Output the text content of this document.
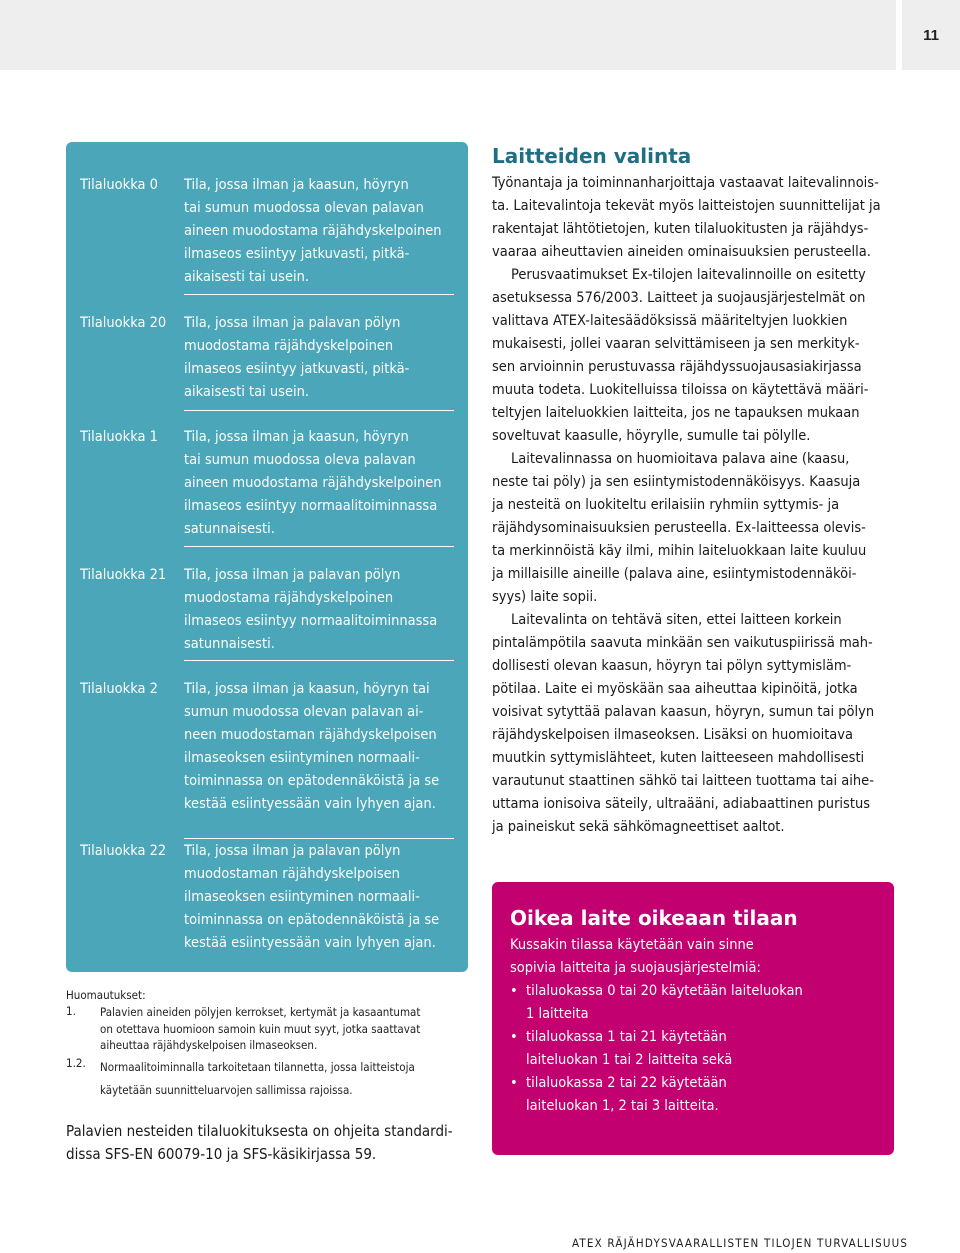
11
Tilaluokka 0	Tila, jossa ilman ja kaasun, höyryn
tai sumun muodossa olevan palavan
aineen muodostama räjähdyskelpoinen
ilmaseos esiintyy jatkuvasti, pitkä-
aikaisesti tai usein.
Tilaluokka 20	Tila, jossa ilman ja palavan pölyn
muodostama räjähdyskelpoinen
ilmaseos esiintyy jatkuvasti, pitkä-
aikaisesti tai usein.
Tilaluokka 1	Tila, jossa ilman ja kaasun, höyryn
tai sumun muodossa oleva palavan
aineen muodostama räjähdyskelpoinen
ilmaseos esiintyy normaalitoiminnassa
satunnaisesti.
Tilaluokka 21	Tila, jossa ilman ja palavan pölyn
muodostama räjähdyskelpoinen
ilmaseos esiintyy normaalitoiminnassa
satunnaisesti.
Tilaluokka 2	Tila, jossa ilman ja kaasun, höyryn tai
sumun muodossa olevan palavan ai-
neen muodostaman räjähdyskelpoisen
ilmaseoksen esiintyminen normaali-
toiminnassa on epätodennäköistä ja se
kestää esiintyessään vain lyhyen ajan.
Tilaluokka 22	Tila, jossa ilman ja palavan pölyn
muodostaman räjähdyskelpoisen
ilmaseoksen esiintyminen normaali-
toiminnassa on epätodennäköistä ja se
kestää esiintyessään vain lyhyen ajan.
Huomautukset:
1. Palavien aineiden pölyjen kerrokset, kertymät ja kasaantumat
on otettava huomioon samoin kuin muut syyt, jotka saattavat
aiheuttaa räjähdyskelpoisen ilmaseoksen.
1.2. Normaalitoiminnalla tarkoitetaan tilannetta, jossa laitteistoja
käytetään suunnitteluarvojen sallimissa rajoissa.
Palavien nesteiden tilaluokituksesta on ohjeita standardi-
dissa SFS-EN 60079-10 ja SFS-käsikirjassa 59.
Laitteiden valinta
Työnantaja ja toiminnanharjoittaja vastaavat laitevalinnois-
ta. Laitevalintoja tekevät myös laitteistojen suunnittelijat ja
rakentajat lähtötietojen, kuten tilaluokitusten ja räjähdys-
vaaraa aiheuttavien aineiden ominaisuuksien perusteella.
Perusvaatimukset Ex-tilojen laitevalinnoille on esitetty
asetuksessa 576/2003. Laitteet ja suojausjärjestelmät on
valittava ATEX-laitesäädöksissä määriteltyjen luokkien
mukaisesti, jollei vaaran selvittämiseen ja sen merkityk-
sen arvioinnin perustuvassa räjähdyssuojausasiakirjassa
muuta todeta. Luokitelluissa tiloissa on käytettävä määri-
teltyjen laiteluokkien laitteita, jos ne tapauksen mukaan
soveltuvat kaasulle, höyrylle, sumulle tai pölylle.
Laitevalinnassa on huomioitava palava aine (kaasu,
neste tai pöly) ja sen esiintymistodennäköisyys. Kaasuja
ja nesteitä on luokiteltu erilaisiin ryhmiin syttymis- ja
räjähdysominaisuuksien perusteella. Ex-laitteessa olevis-
ta merkinnöistä käy ilmi, mihin laiteluokkaan laite kuuluu
ja millaisille aineille (palava aine, esiintymistodennäköi-
syys) laite sopii.
Laitevalinta on tehtävä siten, ettei laitteen korkein
pintalämpötila saavuta minkään sen vaikutuspiirissä mah-
dollisesti olevan kaasun, höyryn tai pölyn syttymisläm-
pötilaa. Laite ei myöskään saa aiheuttaa kipinöitä, jotka
voisivat sytyttää palavan kaasun, höyryn, sumun tai pölyn
räjähdyskelpoisen ilmaseoksen. Lisäksi on huomioitava
muutkin syttymislähteet, kuten laitteeseen mahdollisesti
varautunut staattinen sähkö tai laitteen tuottama tai aihe-
uttama ionisoiva säteily, ultraääni, adiabaattinen puristus
ja paineiskut sekä sähkömagneettiset aaltot.
Oikea laite oikeaan tilaan
Kussakin tilassa käytetään vain sinne
sopivia laitteita ja suojausjärjestelmiä:
• tilaluokassa 0 tai 20 käytetään laiteluokan
1 laitteita
• tilaluokassa 1 tai 21 käytetään
laiteluokan 1 tai 2 laitteita sekä
• tilaluokassa 2 tai 22 käytetään
laiteluokan 1, 2 tai 3 laitteita.
ATEX RÄJÄHDYSVAARALLISTEN TILOJEN TURVALLISUUS
